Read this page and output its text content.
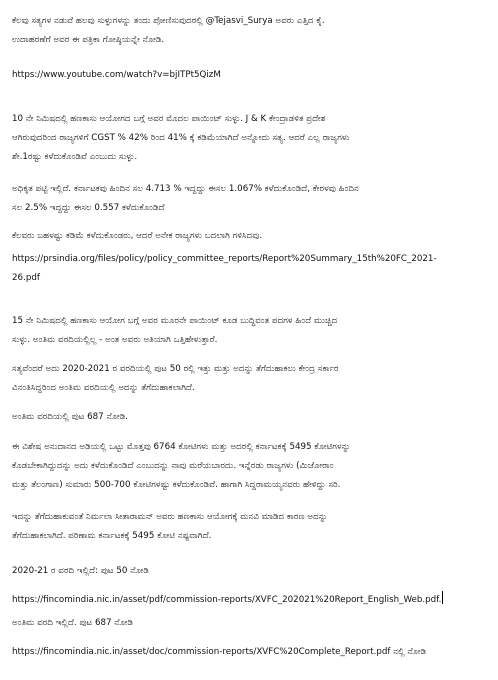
ಕೆಲವು ಸತ್ಯಗಳ ನಡುವೆ ಹಲವು ಸುಳ್ಳುಗಳನ್ನು ತಂದು ಪೋಣಿಸುವುದರಲ್ಲಿ @Tejasvi_Surya ಅವರು ಎತ್ತಿದ ಕೈ.
ಉದಾಹರಣೆಗೆ ಅವರ ಈ ಪತ್ರಿಕಾ ಗೋಷ್ಠಿಯನ್ನೇ ನೋಡಿ.
https://www.youtube.com/watch?v=bjITPt5QizM
10 ನೇ ನಿಮಿಷದಲ್ಲಿ ಹಣಕಾಸು ಆಯೋಗದ ಬಗ್ಗೆ ಅವರ ಮೊದಲ ಪಾಯಿಂಟ್ ಸುಳ್ಳು. J & K ಕೇಂದ್ರಾಡಳಿತ ಪ್ರದೇಶ
ಆಗಿರುವುದರಿಂದ ರಾಜ್ಯಗಳಿಗೆ CGST % 42% ರಿಂದ 41% ಕ್ಕೆ ಕಡಿಮೆಯಾಗಿದೆ ಅನ್ನೋದು ಸತ್ಯ. ಆದರೆ ಎಲ್ಲ ರಾಜ್ಯಗಳು
ಶೇ.1ರಷ್ಟು ಕಳೆದುಕೊಂಡಿವೆ ಎಂಬುದು ಸುಳ್ಳು.
ಅಧಿಕೃತ ಪಟ್ಟಿ ಇಲ್ಲಿದೆ. ಕರ್ನಾಟಕವು ಹಿಂದಿನ ಸಲ 4.713 % ಇದ್ದದ್ದು ಈಸಲ 1.067% ಕಳೆದುಕೊಂಡಿದೆ, ಕೇರಳವು ಹಿಂದಿನ
ಸಲ 2.5% ಇದ್ದದ್ದು ಈಸಲ 0.557 ಕಳೆದುಕೊಂಡಿದೆ
ಕೆಲವರು ಬಹಳಷ್ಟು ಕಡಿಮೆ ಕಳೆದುಕೊಂಡರು, ಆದರೆ ಅನೇಕ ರಾಜ್ಯಗಳು ಬದಲಾಗಿ ಗಳಿಸಿದವು.
https://prsindia.org/files/policy/policy_committee_reports/Report%20Summary_15th%20FC_2021-
26.pdf
15 ನೇ ನಿಮಿಷದಲ್ಲಿ ಹಣಕಾಸು ಆಯೋಗ ಬಗ್ಗೆ ಅವರ ಮೂರನೇ ಪಾಯಿಂಟ್ ಕೂಡ ಬುದ್ಧಿವಂತ ಪದಗಳ ಹಿಂದೆ ಮುಚ್ಚಿದ
ಸುಳ್ಳು. ಅಂತಿಮ ವರದಿಯಲ್ಲಿಲ್ಲ - ಅಂತ ಅವರು ಅತಿಯಾಗಿ ಒತ್ತಿಹೇಳುತ್ತಾರೆ.
ಸತ್ಯವೆಂದರೆ ಅದು 2020-2021 ರ ವರದಿಯಲ್ಲಿ ಪುಟ 50 ರಲ್ಲಿ ಇತ್ತು ಮತ್ತು ಅದನ್ನು ತೆಗೆದುಹಾಕಲು ಕೇಂದ್ರ ಸರ್ಕಾರ
ವಿನಂತಿಸಿದ್ದರಿಂದ ಅಂತಿಮ ವರದಿಯಲ್ಲಿ ಅದನ್ನು ತೆಗೆದುಹಾಕಲಾಗಿದೆ.
ಅಂತಿಮ ವರದಿಯಲ್ಲಿ ಪುಟ 687 ನೋಡಿ.
ಈ ವಿಶೇಷ ಅನುದಾನದ ಅಡಿಯಲ್ಲಿ ಒಟ್ಟು ಮೊತ್ತವು 6764 ಕೋಟಿಗಳು ಮತ್ತು ಅದರಲ್ಲಿ ಕರ್ನಾಟಕಕ್ಕೆ 5495 ಕೋಟಿಗಳನ್ನು
ಕೊಡಬೇಕಾಗಿದ್ದುದನ್ನು ಅದು ಕಳೆದುಕೊಂಡಿದೆ ಎಂಬುದನ್ನು ನಾವು ಮರೆಯಬಾರದು. ಇನ್ನೆರಡು ರಾಜ್ಯಗಳು (ಮಿಜೋರಾಂ
ಮತ್ತು ತೆಲಂಗಾಣ) ಸುಮಾರು 500-700 ಕೋಟಿಗಳಷ್ಟು ಕಳೆದುಕೊಂಡಿವೆ. ಹಾಗಾಗಿ ಸಿದ್ದರಾಮಯ್ಯನವರು ಹೇಳಿದ್ದು ಸರಿ.
ಇದನ್ನು ತೆಗೆದುಹಾಕುವಂತೆ ನಿರ್ಮಲಾ ಸೀತಾರಾಮನ್ ಅವರು ಹಣಕಾಸು ಆಯೋಗಕ್ಕೆ ಮನವಿ ಮಾಡಿದ ಕಾರಣ ಅದನ್ನು
ತೆಗೆದುಹಾಕಲಾಗಿದೆ. ಪರಿಣಾಮ ಕರ್ನಾಟಕಕ್ಕೆ 5495 ಕೋಟಿ ನಷ್ಟವಾಗಿದೆ.
2020-21 ರ ವರದಿ ಇಲ್ಲಿದೆ: ಪುಟ 50 ನೋಡಿ
https://fincomindia.nic.in/asset/pdf/commission-reports/XVFC_202021%20Report_English_Web.pdf.
ಅಂತಿಮ ವರದಿ ಇಲ್ಲಿದೆ. ಪುಟ 687 ನೋಡಿ
https://fincomindia.nic.in/asset/doc/commission-reports/XVFC%20Complete_Report.pdf ನಲ್ಲಿ ನೋಡಿ
